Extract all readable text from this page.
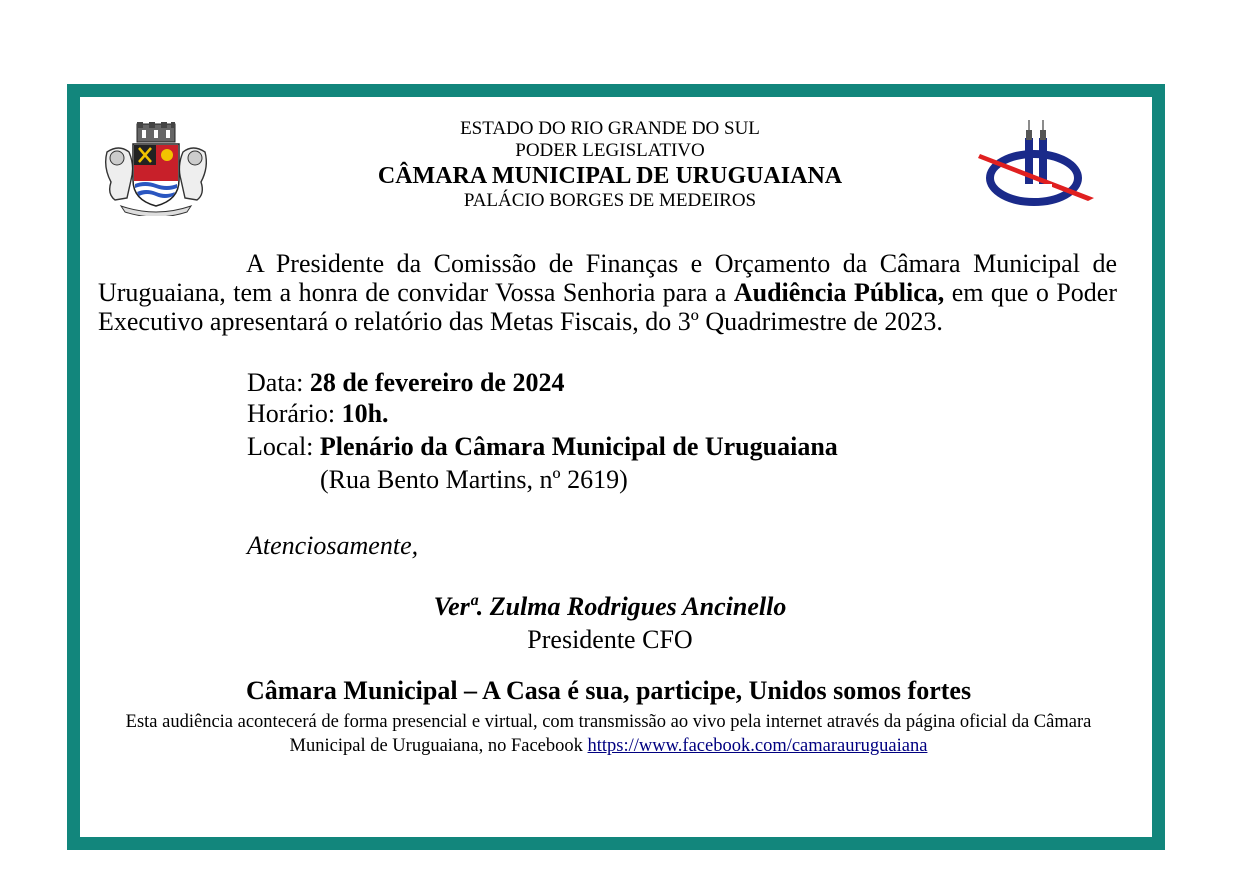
ESTADO DO RIO GRANDE DO SUL
PODER LEGISLATIVO
CÂMARA MUNICIPAL DE URUGUAIANA
PALÁCIO BORGES DE MEDEIROS
A Presidente da Comissão de Finanças e Orçamento da Câmara Municipal de Uruguaiana, tem a honra de convidar Vossa Senhoria para a Audiência Pública, em que o Poder Executivo apresentará o relatório das Metas Fiscais, do 3º Quadrimestre de 2023.
Data: 28 de fevereiro de 2024
Horário: 10h.
Local: Plenário da Câmara Municipal de Uruguaiana
(Rua Bento Martins, nº 2619)
Atenciosamente,
Verª. Zulma Rodrigues Ancinello
Presidente CFO
Câmara Municipal – A Casa é sua, participe, Unidos somos fortes
Esta audiência acontecerá de forma presencial e virtual, com transmissão ao vivo pela internet através da página oficial da Câmara Municipal de Uruguaiana, no Facebook https://www.facebook.com/camarauruguaiana
